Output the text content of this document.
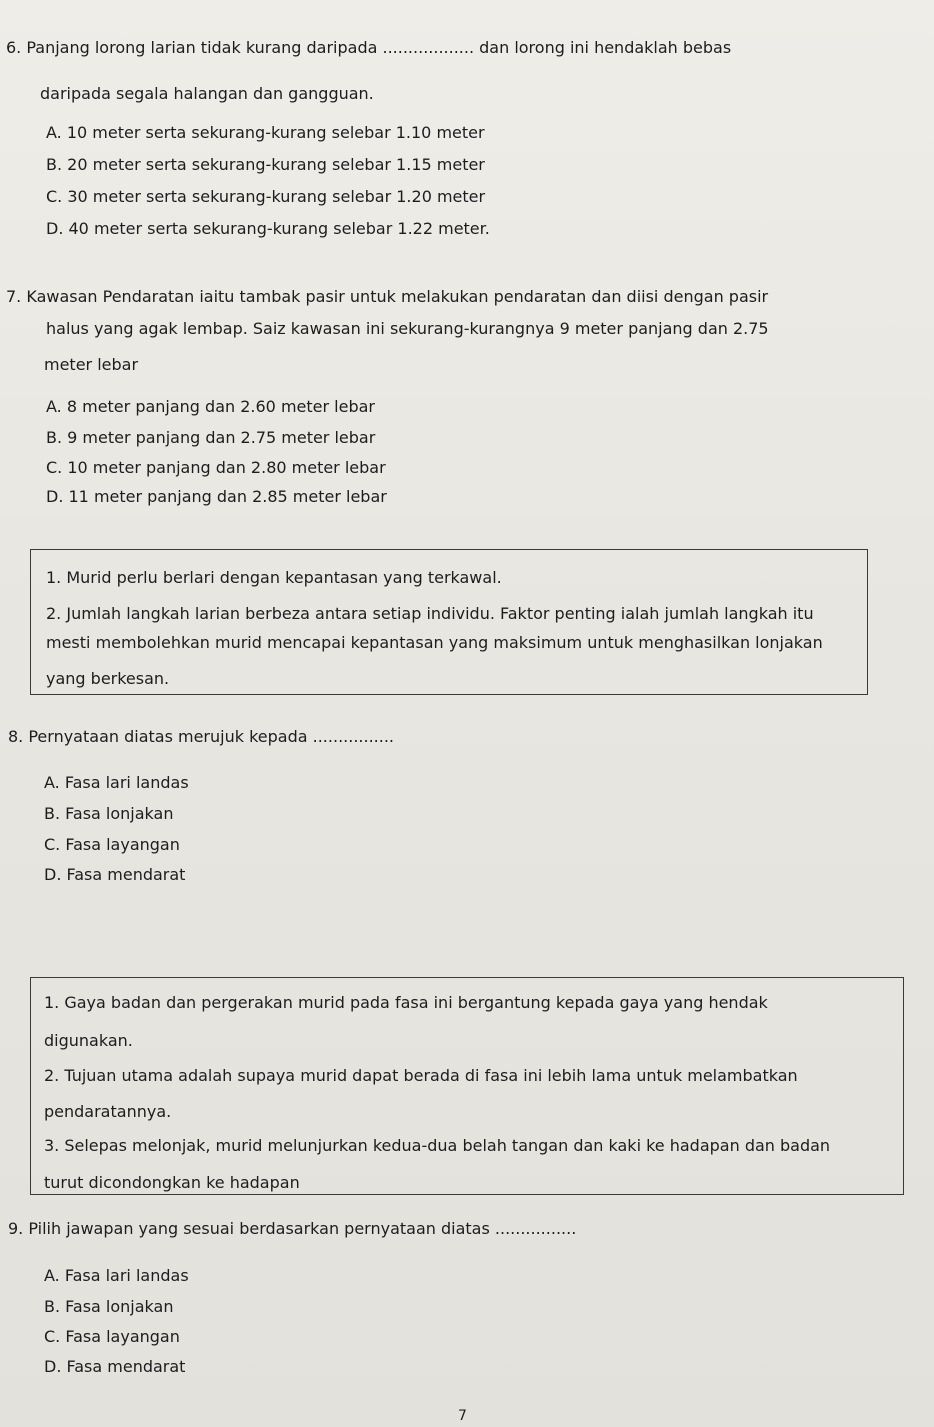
6. Panjang lorong larian tidak kurang daripada .................. dan lorong ini hendaklah bebas
daripada segala halangan dan gangguan.
A. 10 meter serta sekurang-kurang selebar 1.10 meter
B. 20 meter serta sekurang-kurang selebar 1.15 meter
C. 30 meter serta sekurang-kurang selebar 1.20 meter
D. 40 meter serta sekurang-kurang selebar 1.22 meter.
7. Kawasan Pendaratan iaitu tambak pasir untuk melakukan pendaratan dan diisi dengan pasir
halus yang agak lembap. Saiz kawasan ini sekurang-kurangnya 9 meter panjang dan 2.75
meter lebar
A. 8 meter panjang dan 2.60 meter lebar
B. 9 meter panjang dan 2.75 meter lebar
C. 10 meter panjang dan 2.80 meter lebar
D. 11 meter panjang dan 2.85 meter lebar
1. Murid perlu berlari dengan kepantasan yang terkawal.
2. Jumlah langkah larian berbeza antara setiap individu. Faktor penting ialah jumlah langkah itu
mesti membolehkan murid mencapai kepantasan yang maksimum untuk menghasilkan lonjakan
yang berkesan.
8. Pernyataan diatas merujuk kepada ................
A. Fasa lari landas
B. Fasa lonjakan
C. Fasa layangan
D. Fasa mendarat
1. Gaya badan dan pergerakan murid pada fasa ini bergantung kepada gaya yang hendak
digunakan.
2. Tujuan utama adalah supaya murid dapat berada di fasa ini lebih lama untuk melambatkan
pendaratannya.
3. Selepas melonjak, murid melunjurkan kedua-dua belah tangan dan kaki ke hadapan dan badan
turut dicondongkan ke hadapan
9. Pilih jawapan yang sesuai berdasarkan pernyataan diatas ................
A. Fasa lari landas
B. Fasa lonjakan
C. Fasa layangan
D. Fasa mendarat
7
